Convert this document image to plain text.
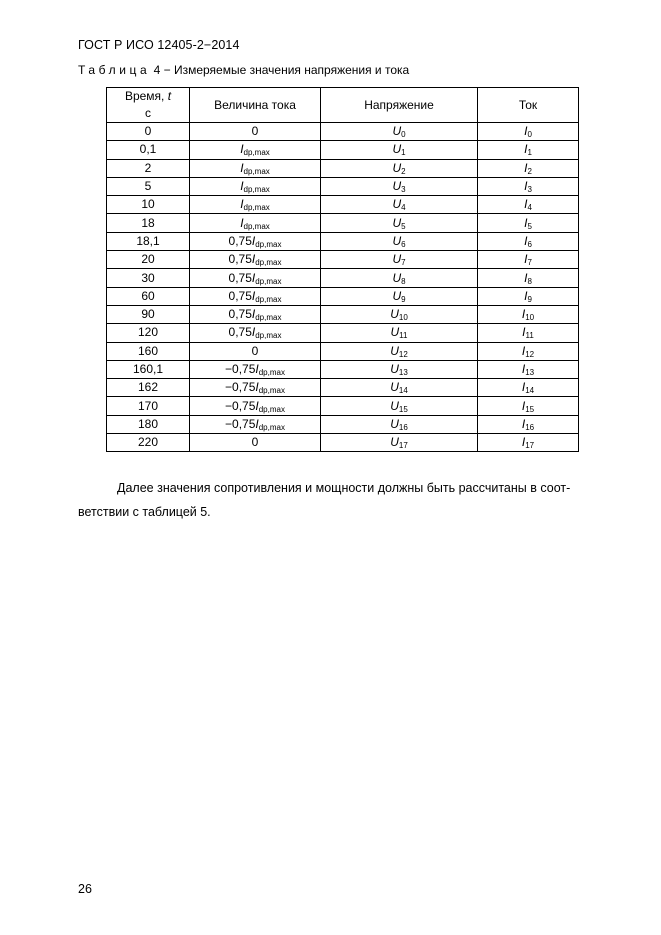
ГОСТ Р ИСО 12405-2−2014
Таблица 4 − Измеряемые значения напряжения и тока
Время, t
с	Величина тока	Напряжение	Ток
0	0	$U_0$	$I_0$
0,1	$I_{dp,max}$	$U_1$	$I_1$
2	$I_{dp,max}$	$U_2$	$I_2$
5	$I_{dp,max}$	$U_3$	$I_3$
10	$I_{dp,max}$	$U_4$	$I_4$
18	$I_{dp,max}$	$U_5$	$I_5$
18,1	$0,75I_{dp,max}$	$U_6$	$I_6$
20	$0,75I_{dp,max}$	$U_7$	$I_7$
30	$0,75I_{dp,max}$	$U_8$	$I_8$
60	$0,75I_{dp,max}$	$U_9$	$I_9$
90	$0,75I_{dp,max}$	$U_{10}$	$I_{10}$
120	$0,75I_{dp,max}$	$U_{11}$	$I_{11}$
160	0	$U_{12}$	$I_{12}$
160,1	$-0,75I_{dp,max}$	$U_{13}$	$I_{13}$
162	$-0,75I_{dp,max}$	$U_{14}$	$I_{14}$
170	$-0,75I_{dp,max}$	$U_{15}$	$I_{15}$
180	$-0,75I_{dp,max}$	$U_{16}$	$I_{16}$
220	0	$U_{17}$	$I_{17}$
Далее значения сопротивления и мощности должны быть рассчитаны в соот-
ветствии с таблицей 5.
26
